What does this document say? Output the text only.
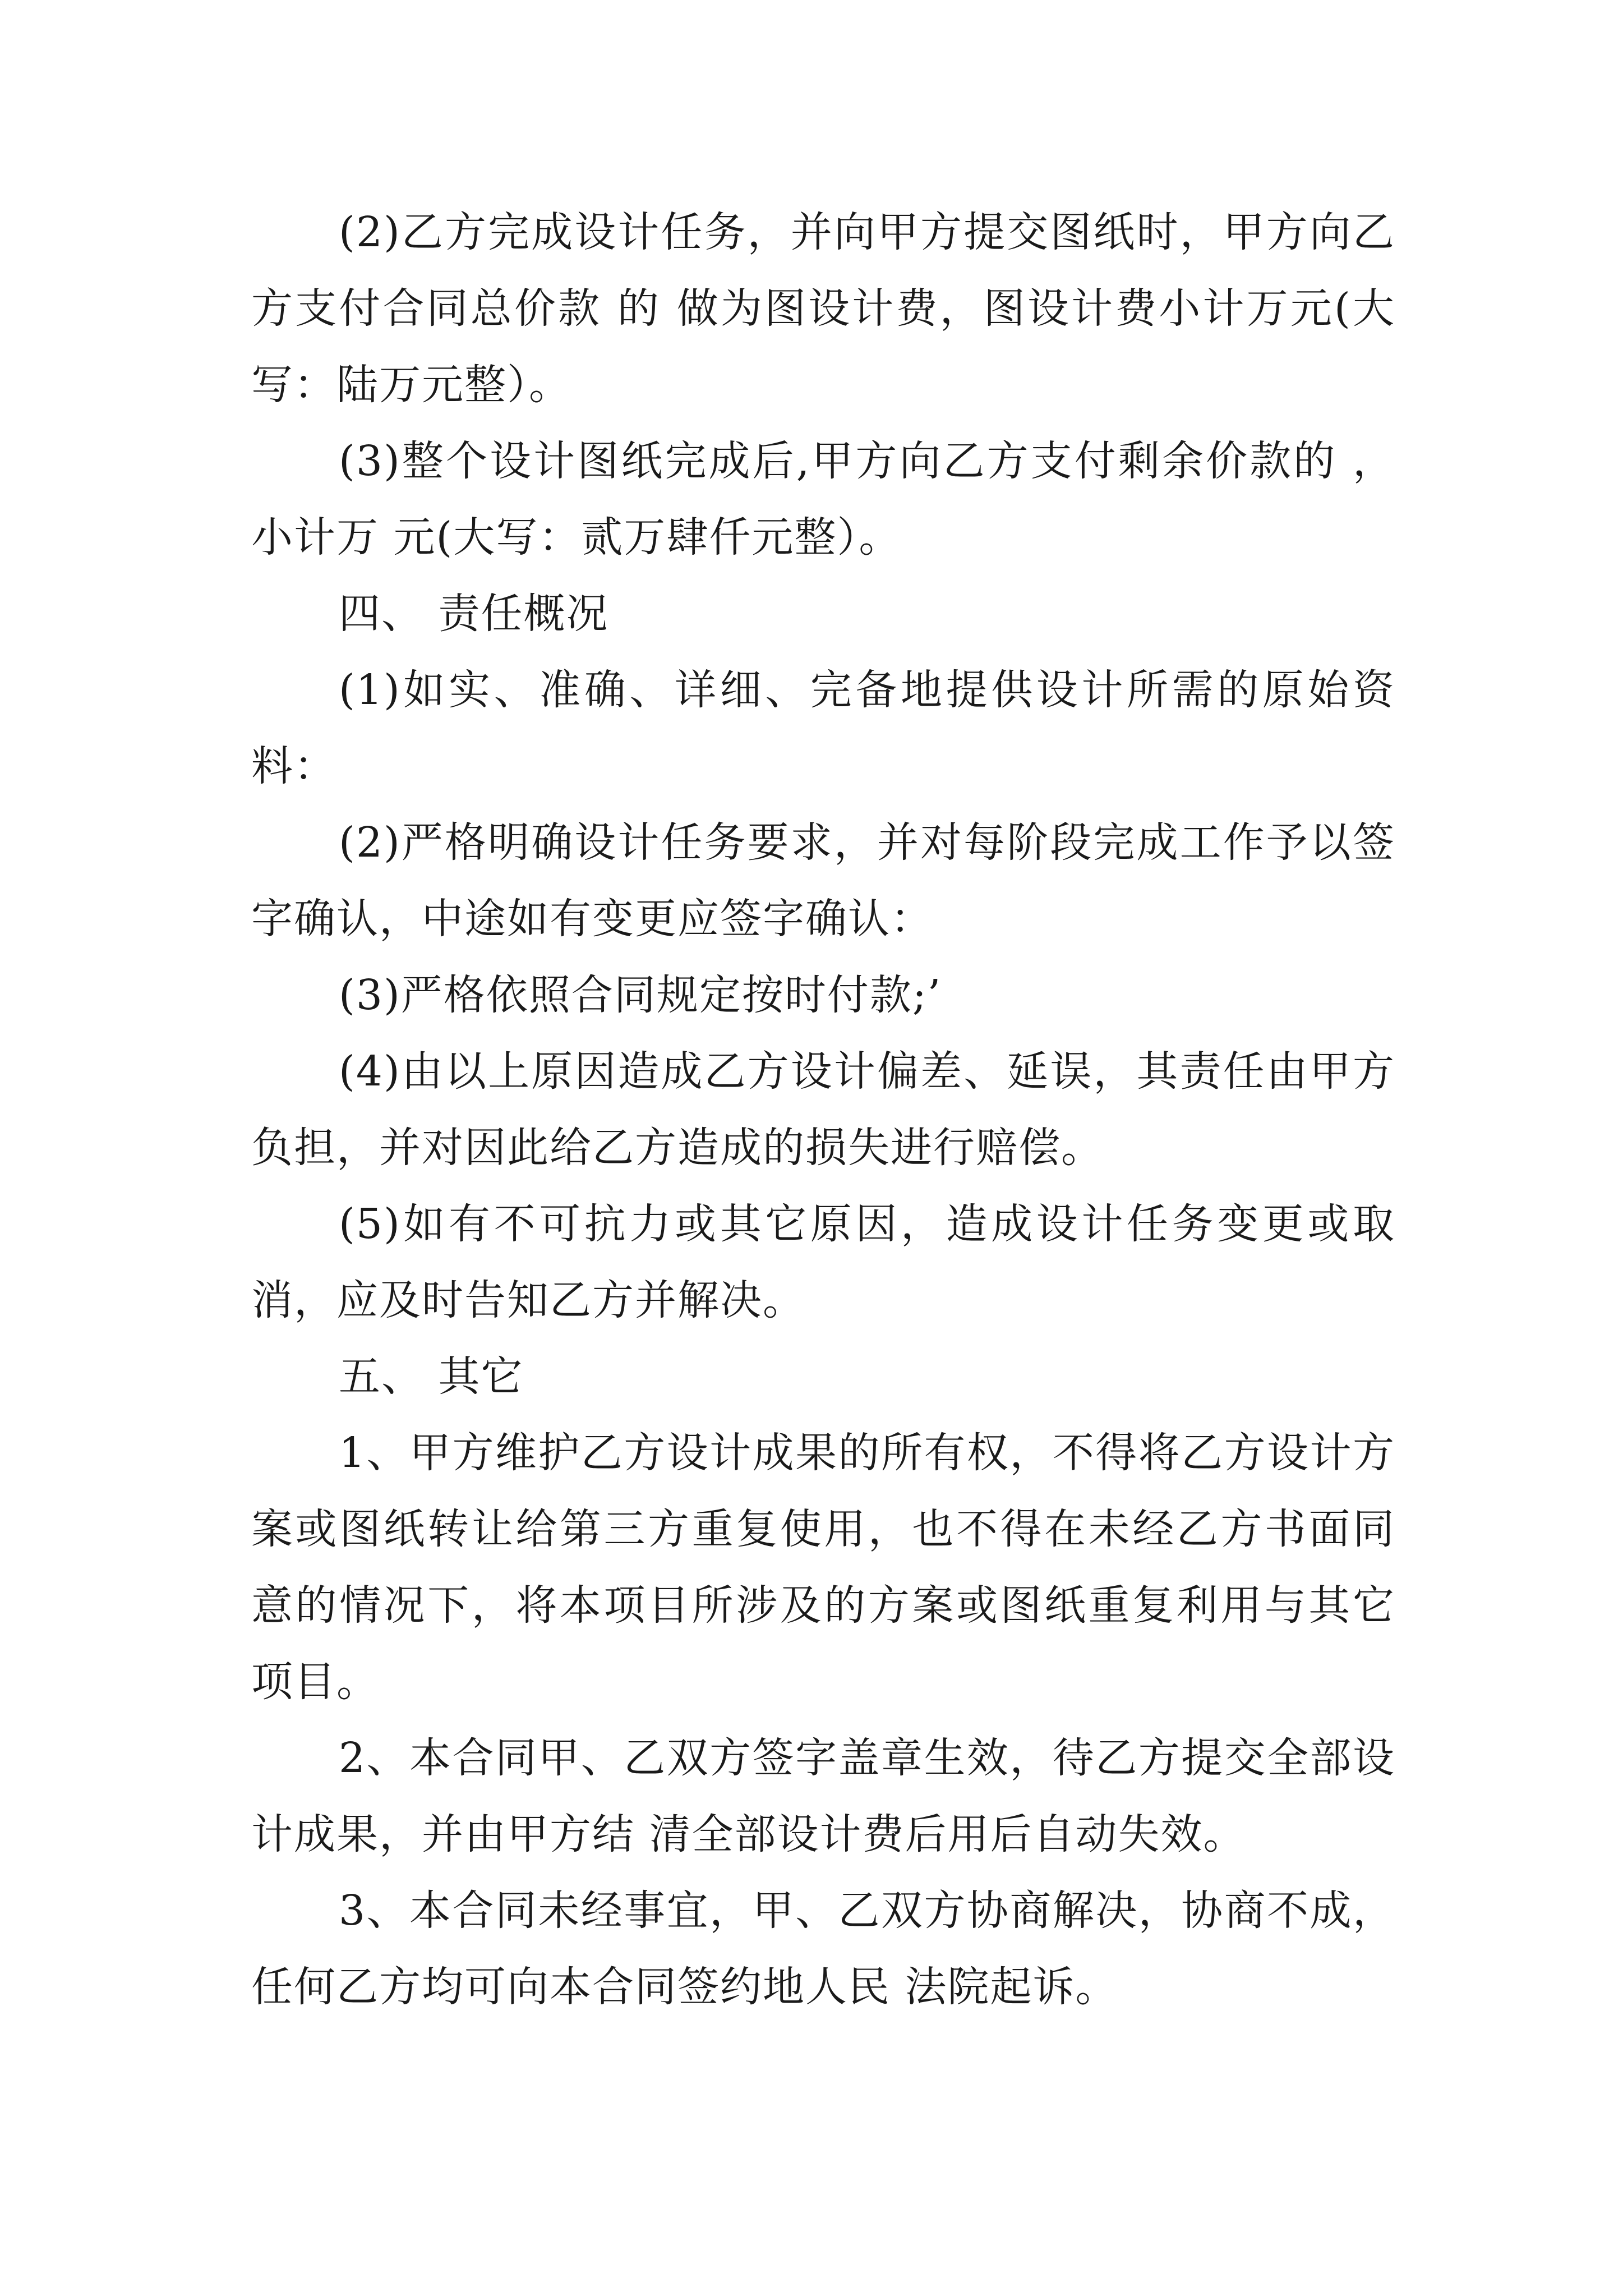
(2)乙方完成设计任务，并向甲方提交图纸时，甲方向乙方支付合同总价款 的 做为图设计费，图设计费小计万元(大写：陆万元整）。

(3)整个设计图纸完成后,甲方向乙方支付剩余价款的 ，小计万 元(大写：贰万肆仟元整）。

四、 责任概况

(1)如实、准确、详细、完备地提供设计所需的原始资料：

(2)严格明确设计任务要求，并对每阶段完成工作予以签字确认，中途如有变更应签字确认：

(3)严格依照合同规定按时付款;’

(4)由以上原因造成乙方设计偏差、延误，其责任由甲方负担，并对因此给乙方造成的损失进行赔偿。

(5)如有不可抗力或其它原因，造成设计任务变更或取消，应及时告知乙方并解决。

五、 其它

1、甲方维护乙方设计成果的所有权，不得将乙方设计方案或图纸转让给第三方重复使用，也不得在未经乙方书面同意的情况下，将本项目所涉及的方案或图纸重复利用与其它项目。

2、本合同甲、乙双方签字盖章生效，待乙方提交全部设计成果，并由甲方结 清全部设计费后用后自动失效。

3、本合同未经事宜，甲、乙双方协商解决，协商不成，任何乙方均可向本合同签约地人民 法院起诉。
